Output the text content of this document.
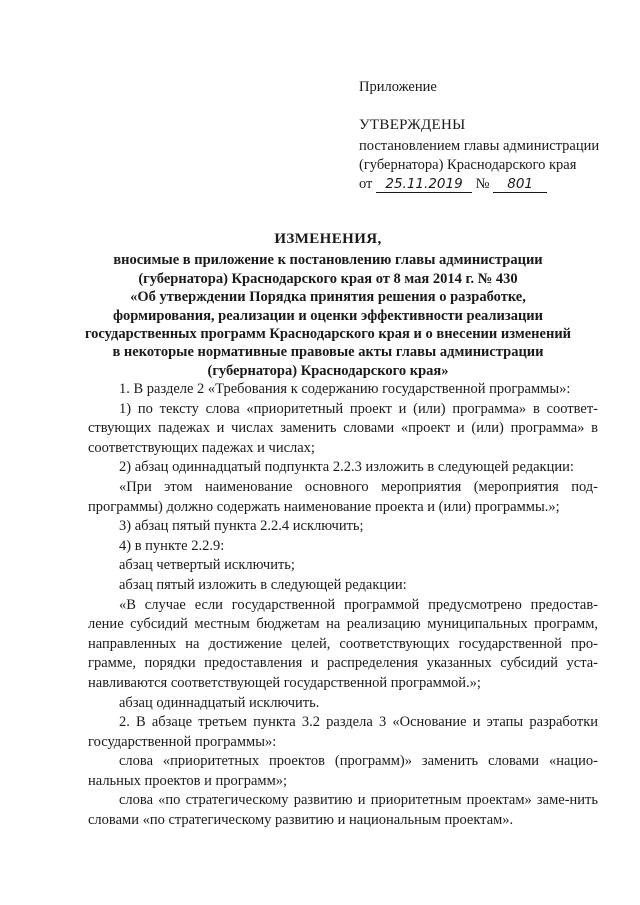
Приложение
УТВЕРЖДЕНЫ
постановлением главы администрации
(губернатора) Краснодарского края
от 25.11.2019 № 801
ИЗМЕНЕНИЯ,
вносимые в приложение к постановлению главы администрации
(губернатора) Краснодарского края от 8 мая 2014 г. № 430
«Об утверждении Порядка принятия решения о разработке,
формирования, реализации и оценки эффективности реализации
государственных программ Краснодарского края и о внесении изменений
в некоторые нормативные правовые акты главы администрации
(губернатора) Краснодарского края»

1. В разделе 2 «Требования к содержанию государственной программы»:

1) по тексту слова «приоритетный проект и (или) программа» в соответ-ствующих падежах и числах заменить словами «проект и (или) программа» в соответствующих падежах и числах;

2) абзац одиннадцатый подпункта 2.2.3 изложить в следующей редакции:

«При этом наименование основного мероприятия (мероприятия под-программы) должно содержать наименование проекта и (или) программы.»;

3) абзац пятый пункта 2.2.4 исключить;

4) в пункте 2.2.9:

абзац четвертый исключить;

абзац пятый изложить в следующей редакции:

«В случае если государственной программой предусмотрено предостав-ление субсидий местным бюджетам на реализацию муниципальных программ, направленных на достижение целей, соответствующих государственной про-грамме, порядки предоставления и распределения указанных субсидий уста-навливаются соответствующей государственной программой.»;

абзац одиннадцатый исключить.

2. В абзаце третьем пункта 3.2 раздела 3 «Основание и этапы разработки государственной программы»:

слова «приоритетных проектов (программ)» заменить словами «нацио-нальных проектов и программ»;

слова «по стратегическому развитию и приоритетным проектам» заме-нить словами «по стратегическому развитию и национальным проектам».
